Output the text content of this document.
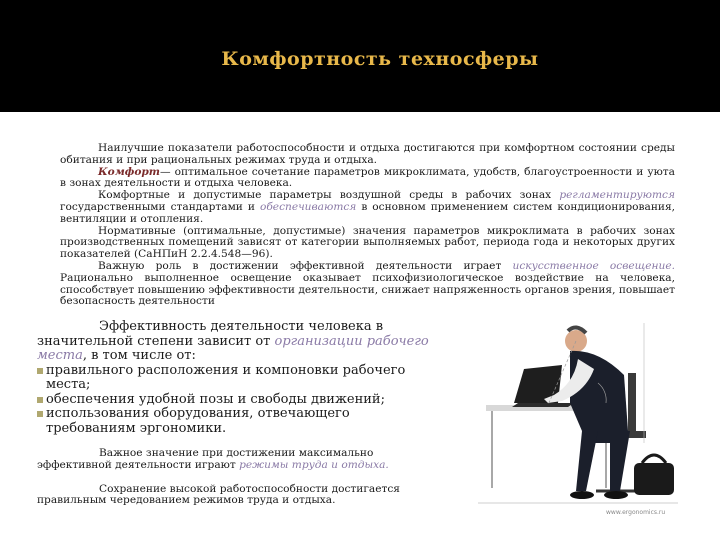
Комфортность техносферы

Наилучшие показатели работоспособности и отдыха достигаются при комфортном состоянии среды обитания и при рациональных режимах труда и отдыха.

Комфорт— оптимальное сочетание параметров микроклимата, удобств, благоустроенности и уюта в зонах деятельности и отдыха человека.

Комфортные и допустимые параметры воздушной среды в рабочих зонах регламентируются государственными стандартами и обеспечиваются в основном применением систем кондиционирования, вентиляции и отопления.

Нормативные (оптимальные, допустимые) значения параметров микроклимата в рабочих зонах производственных помещений зависят от категории выполняемых работ, периода года и некоторых других показателей (СаНПиН 2.2.4.548—96).

Важную роль в достижении эффективной деятельности играет искусственное освещение. Рационально выполненное освещение оказывает психофизиологическое воздействие на человека, способствует повышению эффективности деятельности, снижает напряженность органов зрения, повышает безопасность деятельности

Эффективность деятельности человека в значительной степени зависит от организации рабочего места, в том числе от:

правильного расположения и компоновки рабочего места;
обеспечения удобной позы и свободы движений;
использования оборудования, отвечающего требованиям эргономики.

Важное значение при достижении максимально эффективной деятельности играют режимы труда и отдыха.

Сохранение высокой работоспособности достигается правильным чередованием режимов труда и отдыха.

www.ergonomics.ru
